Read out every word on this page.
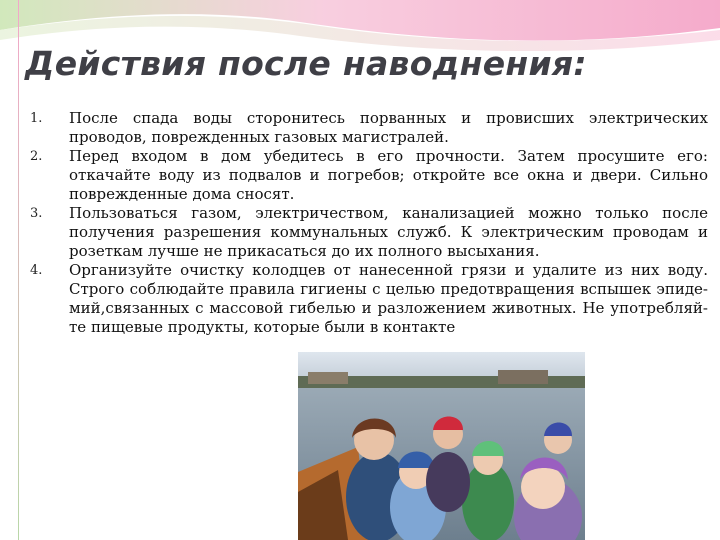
Действия после наводнения:
1.	После спада воды сторонитесь порванных и провисших электрических проводов, поврежденных газовых магистралей.
2.	Перед входом в дом убедитесь в его прочности. Затем просушите его: откачайте воду из подвалов и погребов; откройте все окна и двери. Сильно поврежденные дома сносят.
3.	Пользоваться газом, электричеством, канализацией можно только после получения разрешения коммунальных служб. К электрическим проводам и розеткам лучше не прикасаться до их полного высыхания.
4.	Организуйте очистку колодцев от нанесенной грязи и удалите из них воду. Строго соблюдайте правила гигиены с целью предотвращения вспышек эпиде-мий,связанных с массовой гибелью и разложением животных. Не употребляй-те пищевые продукты, которые были в контакте
